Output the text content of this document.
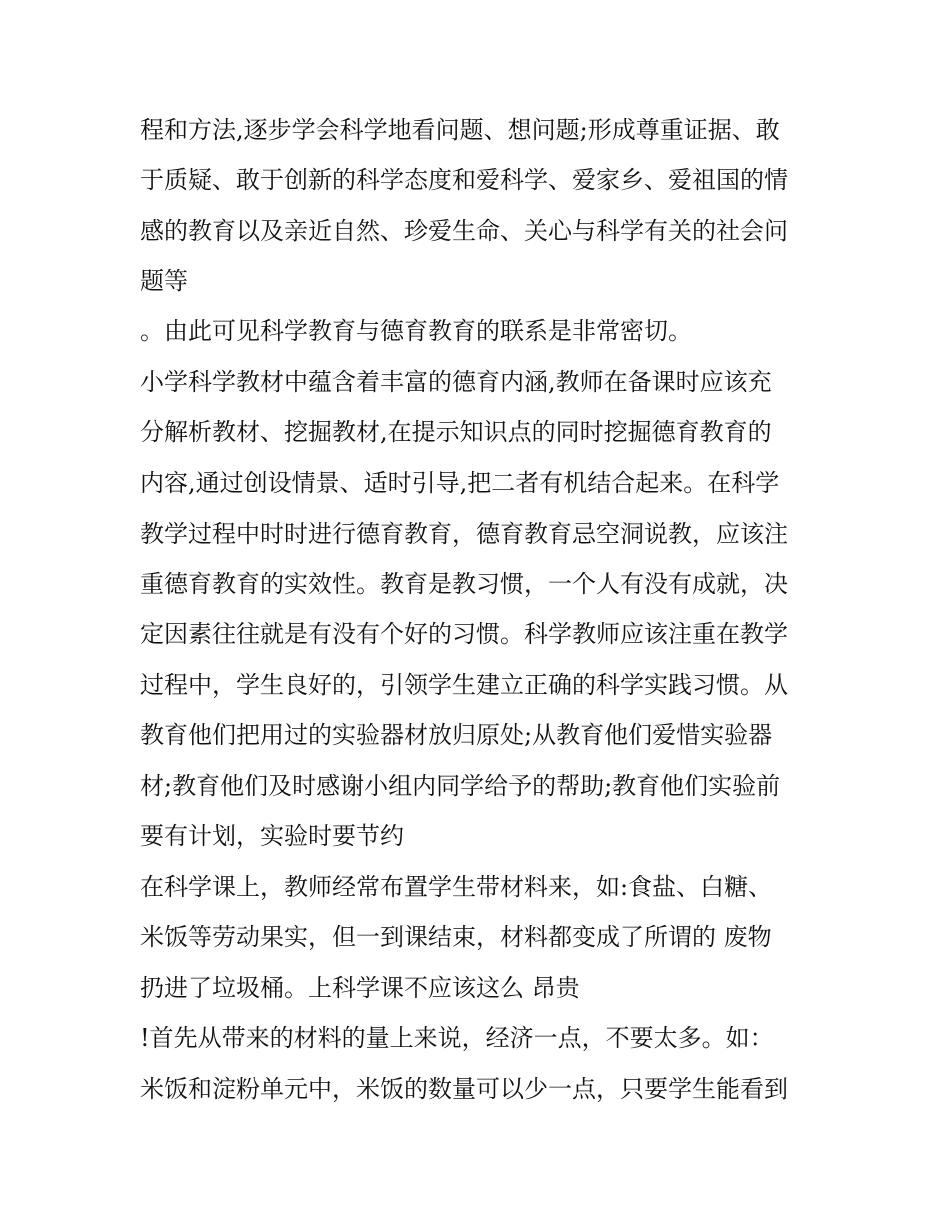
程和方法,逐步学会科学地看问题、想问题;形成尊重证据、敢
于质疑、敢于创新的科学态度和爱科学、爱家乡、爱祖国的情
感的教育以及亲近自然、珍爱生命、关心与科学有关的社会问
题等
。由此可见科学教育与德育教育的联系是非常密切。
小学科学教材中蕴含着丰富的德育内涵,教师在备课时应该充
分解析教材、挖掘教材,在提示知识点的同时挖掘德育教育的
内容,通过创设情景、适时引导,把二者有机结合起来。在科学
教学过程中时时进行德育教育，德育教育忌空洞说教，应该注
重德育教育的实效性。教育是教习惯，一个人有没有成就，决
定因素往往就是有没有个好的习惯。科学教师应该注重在教学
过程中，学生良好的，引领学生建立正确的科学实践习惯。从
教育他们把用过的实验器材放归原处;从教育他们爱惜实验器
材;教育他们及时感谢小组内同学给予的帮助;教育他们实验前
要有计划，实验时要节约
在科学课上，教师经常布置学生带材料来，如:食盐、白糖、
米饭等劳动果实，但一到课结束，材料都变成了所谓的 废物
扔进了垃圾桶。上科学课不应该这么 昂贵
!首先从带来的材料的量上来说，经济一点，不要太多。如：
米饭和淀粉单元中，米饭的数量可以少一点，只要学生能看到
